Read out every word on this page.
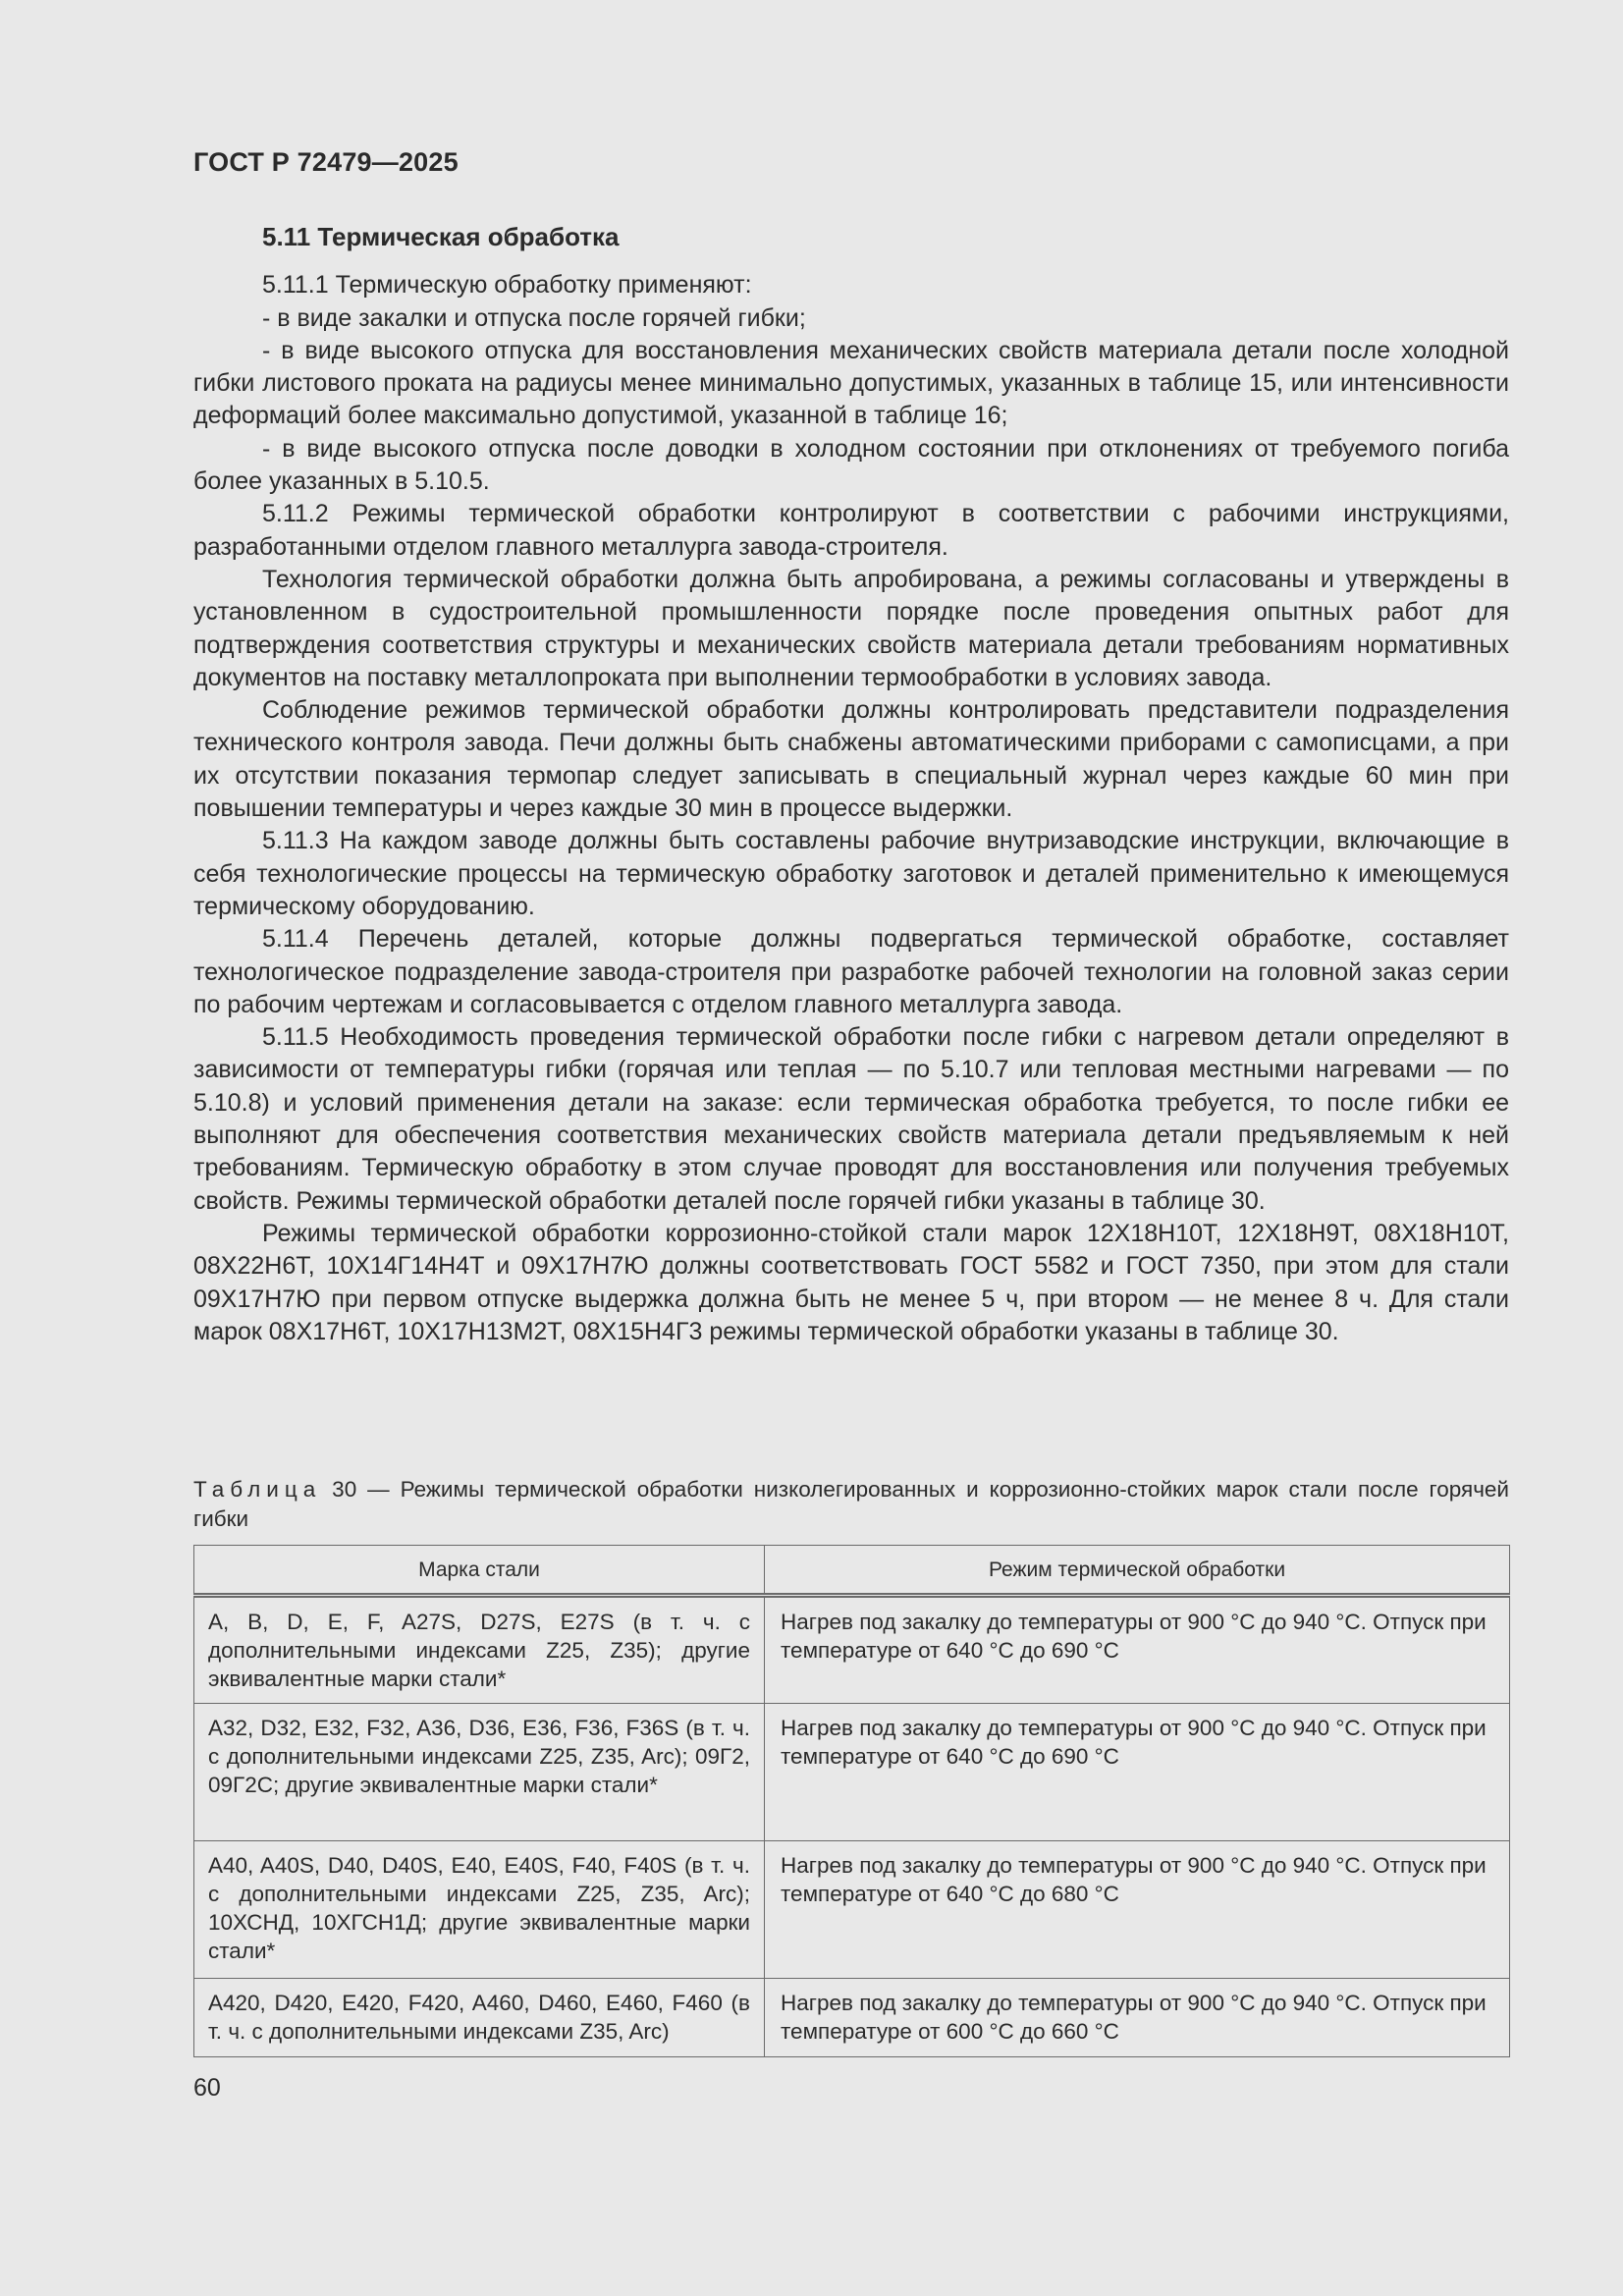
ГОСТ Р 72479—2025
5.11 Термическая обработка

5.11.1 Термическую обработку применяют:

- в виде закалки и отпуска после горячей гибки;

- в виде высокого отпуска для восстановления механических свойств материала детали после холодной гибки листового проката на радиусы менее минимально допустимых, указанных в таблице 15, или интенсивности деформаций более максимально допустимой, указанной в таблице 16;

- в виде высокого отпуска после доводки в холодном состоянии при отклонениях от требуемого погиба более указанных в 5.10.5.

5.11.2 Режимы термической обработки контролируют в соответствии с рабочими инструкциями, разработанными отделом главного металлурга завода-строителя.

Технология термической обработки должна быть апробирована, а режимы согласованы и утверждены в установленном в судостроительной промышленности порядке после проведения опытных работ для подтверждения соответствия структуры и механических свойств материала детали требованиям нормативных документов на поставку металлопроката при выполнении термообработки в условиях завода.

Соблюдение режимов термической обработки должны контролировать представители подразделения технического контроля завода. Печи должны быть снабжены автоматическими приборами с самописцами, а при их отсутствии показания термопар следует записывать в специальный журнал через каждые 60 мин при повышении температуры и через каждые 30 мин в процессе выдержки.

5.11.3 На каждом заводе должны быть составлены рабочие внутризаводские инструкции, включающие в себя технологические процессы на термическую обработку заготовок и деталей применительно к имеющемуся термическому оборудованию.

5.11.4 Перечень деталей, которые должны подвергаться термической обработке, составляет технологическое подразделение завода-строителя при разработке рабочей технологии на головной заказ серии по рабочим чертежам и согласовывается с отделом главного металлурга завода.

5.11.5 Необходимость проведения термической обработки после гибки с нагревом детали определяют в зависимости от температуры гибки (горячая или теплая — по 5.10.7 или тепловая местными нагревами — по 5.10.8) и условий применения детали на заказе: если термическая обработка требуется, то после гибки ее выполняют для обеспечения соответствия механических свойств материала детали предъявляемым к ней требованиям. Термическую обработку в этом случае проводят для восстановления или получения требуемых свойств. Режимы термической обработки деталей после горячей гибки указаны в таблице 30.

Режимы термической обработки коррозионно-стойкой стали марок 12Х18Н10Т, 12Х18Н9Т, 08Х18Н10Т, 08Х22Н6Т, 10Х14Г14Н4Т и 09Х17Н7Ю должны соответствовать ГОСТ 5582 и ГОСТ 7350, при этом для стали 09Х17Н7Ю при первом отпуске выдержка должна быть не менее 5 ч, при втором — не менее 8 ч. Для стали марок 08Х17Н6Т, 10Х17Н13М2Т, 08Х15Н4Г3 режимы термической обработки указаны в таблице 30.

Таблица 30 — Режимы термической обработки низколегированных и коррозионно-стойких марок стали после горячей гибки
Марка стали	Режим термической обработки
A, B, D, E, F, A27S, D27S, E27S (в т. ч. с дополнительными индексами Z25, Z35); другие эквивалентные марки стали*	Нагрев под закалку до температуры от 900 °C до 940 °C. Отпуск при температуре от 640 °C до 690 °C
A32, D32, E32, F32, A36, D36, E36, F36, F36S (в т. ч. с дополнительными индексами Z25, Z35, Arc); 09Г2, 09Г2С; другие эквивалентные марки стали*	Нагрев под закалку до температуры от 900 °C до 940 °C. Отпуск при температуре от 640 °C до 690 °C
A40, A40S, D40, D40S, E40, E40S, F40, F40S (в т. ч. с дополнительными индексами Z25, Z35, Arc); 10ХСНД, 10ХГСН1Д; другие эквивалентные марки стали*	Нагрев под закалку до температуры от 900 °C до 940 °C. Отпуск при температуре от 640 °C до 680 °C
A420, D420, E420, F420, A460, D460, E460, F460 (в т. ч. с дополнительными индексами Z35, Arc)	Нагрев под закалку до температуры от 900 °C до 940 °C. Отпуск при температуре от 600 °C до 660 °C
60
